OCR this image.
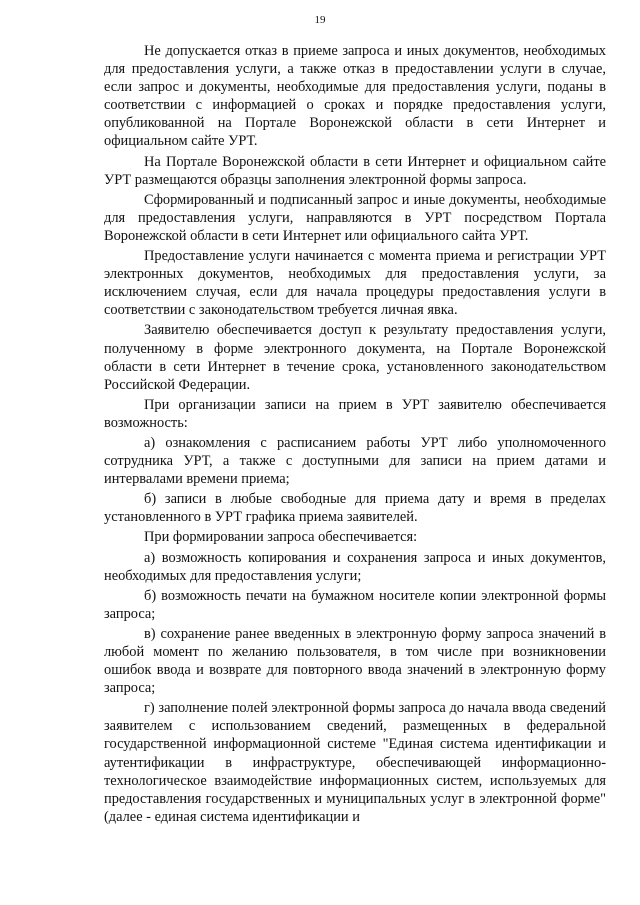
19

Не допускается отказ в приеме запроса и иных документов, необходимых для предоставления услуги, а также отказ в предоставлении услуги в случае, если запрос и документы, необходимые для предоставления услуги, поданы в соответствии с информацией о сроках и порядке предоставления услуги, опубликованной на Портале Воронежской области в сети Интернет и официальном сайте УРТ.

На Портале Воронежской области в сети Интернет и официальном сайте УРТ размещаются образцы заполнения электронной формы запроса.

Сформированный и подписанный запрос и иные документы, необходимые для предоставления услуги, направляются в УРТ посредством Портала Воронежской области в сети Интернет или официального сайта УРТ.

Предоставление услуги начинается с момента приема и регистрации УРТ электронных документов, необходимых для предоставления услуги, за исключением случая, если для начала процедуры предоставления услуги в соответствии с законодательством требуется личная явка.

Заявителю обеспечивается доступ к результату предоставления услуги, полученному в форме электронного документа, на Портале Воронежской области в сети Интернет в течение срока, установленного законодательством Российской Федерации.

При организации записи на прием в УРТ заявителю обеспечивается возможность:

а) ознакомления с расписанием работы УРТ либо уполномоченного сотрудника УРТ, а также с доступными для записи на прием датами и интервалами времени приема;

б) записи в любые свободные для приема дату и время в пределах установленного в УРТ графика приема заявителей.

При формировании запроса обеспечивается:

а) возможность копирования и сохранения запроса и иных документов, необходимых для предоставления услуги;

б) возможность печати на бумажном носителе копии электронной формы запроса;

в) сохранение ранее введенных в электронную форму запроса значений в любой момент по желанию пользователя, в том числе при возникновении ошибок ввода и возврате для повторного ввода значений в электронную форму запроса;

г) заполнение полей электронной формы запроса до начала ввода сведений заявителем с использованием сведений, размещенных в федеральной государственной информационной системе "Единая система идентификации и аутентификации в инфраструктуре, обеспечивающей информационно-технологическое взаимодействие информационных систем, используемых для предоставления государственных и муниципальных услуг в электронной форме" (далее - единая система идентификации и
